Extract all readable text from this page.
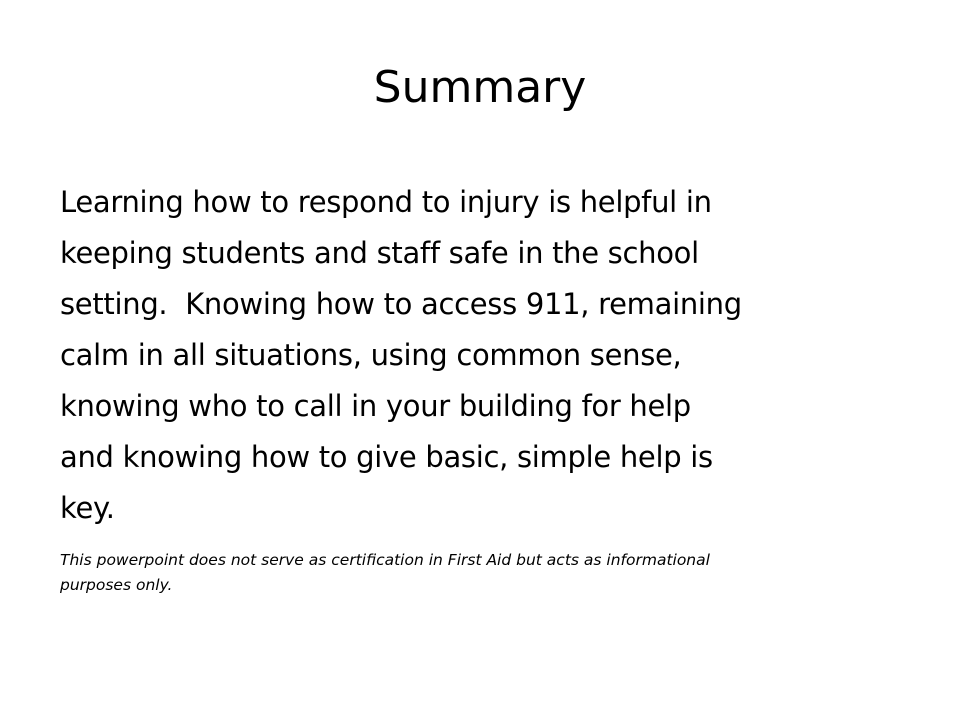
Summary

Learning how to respond to injury is helpful in
keeping students and staff safe in the school
setting.  Knowing how to access 911, remaining
calm in all situations, using common sense,
knowing who to call in your building for help
and knowing how to give basic, simple help is
key.

This powerpoint does not serve as certification in First Aid but acts as informational
purposes only.
